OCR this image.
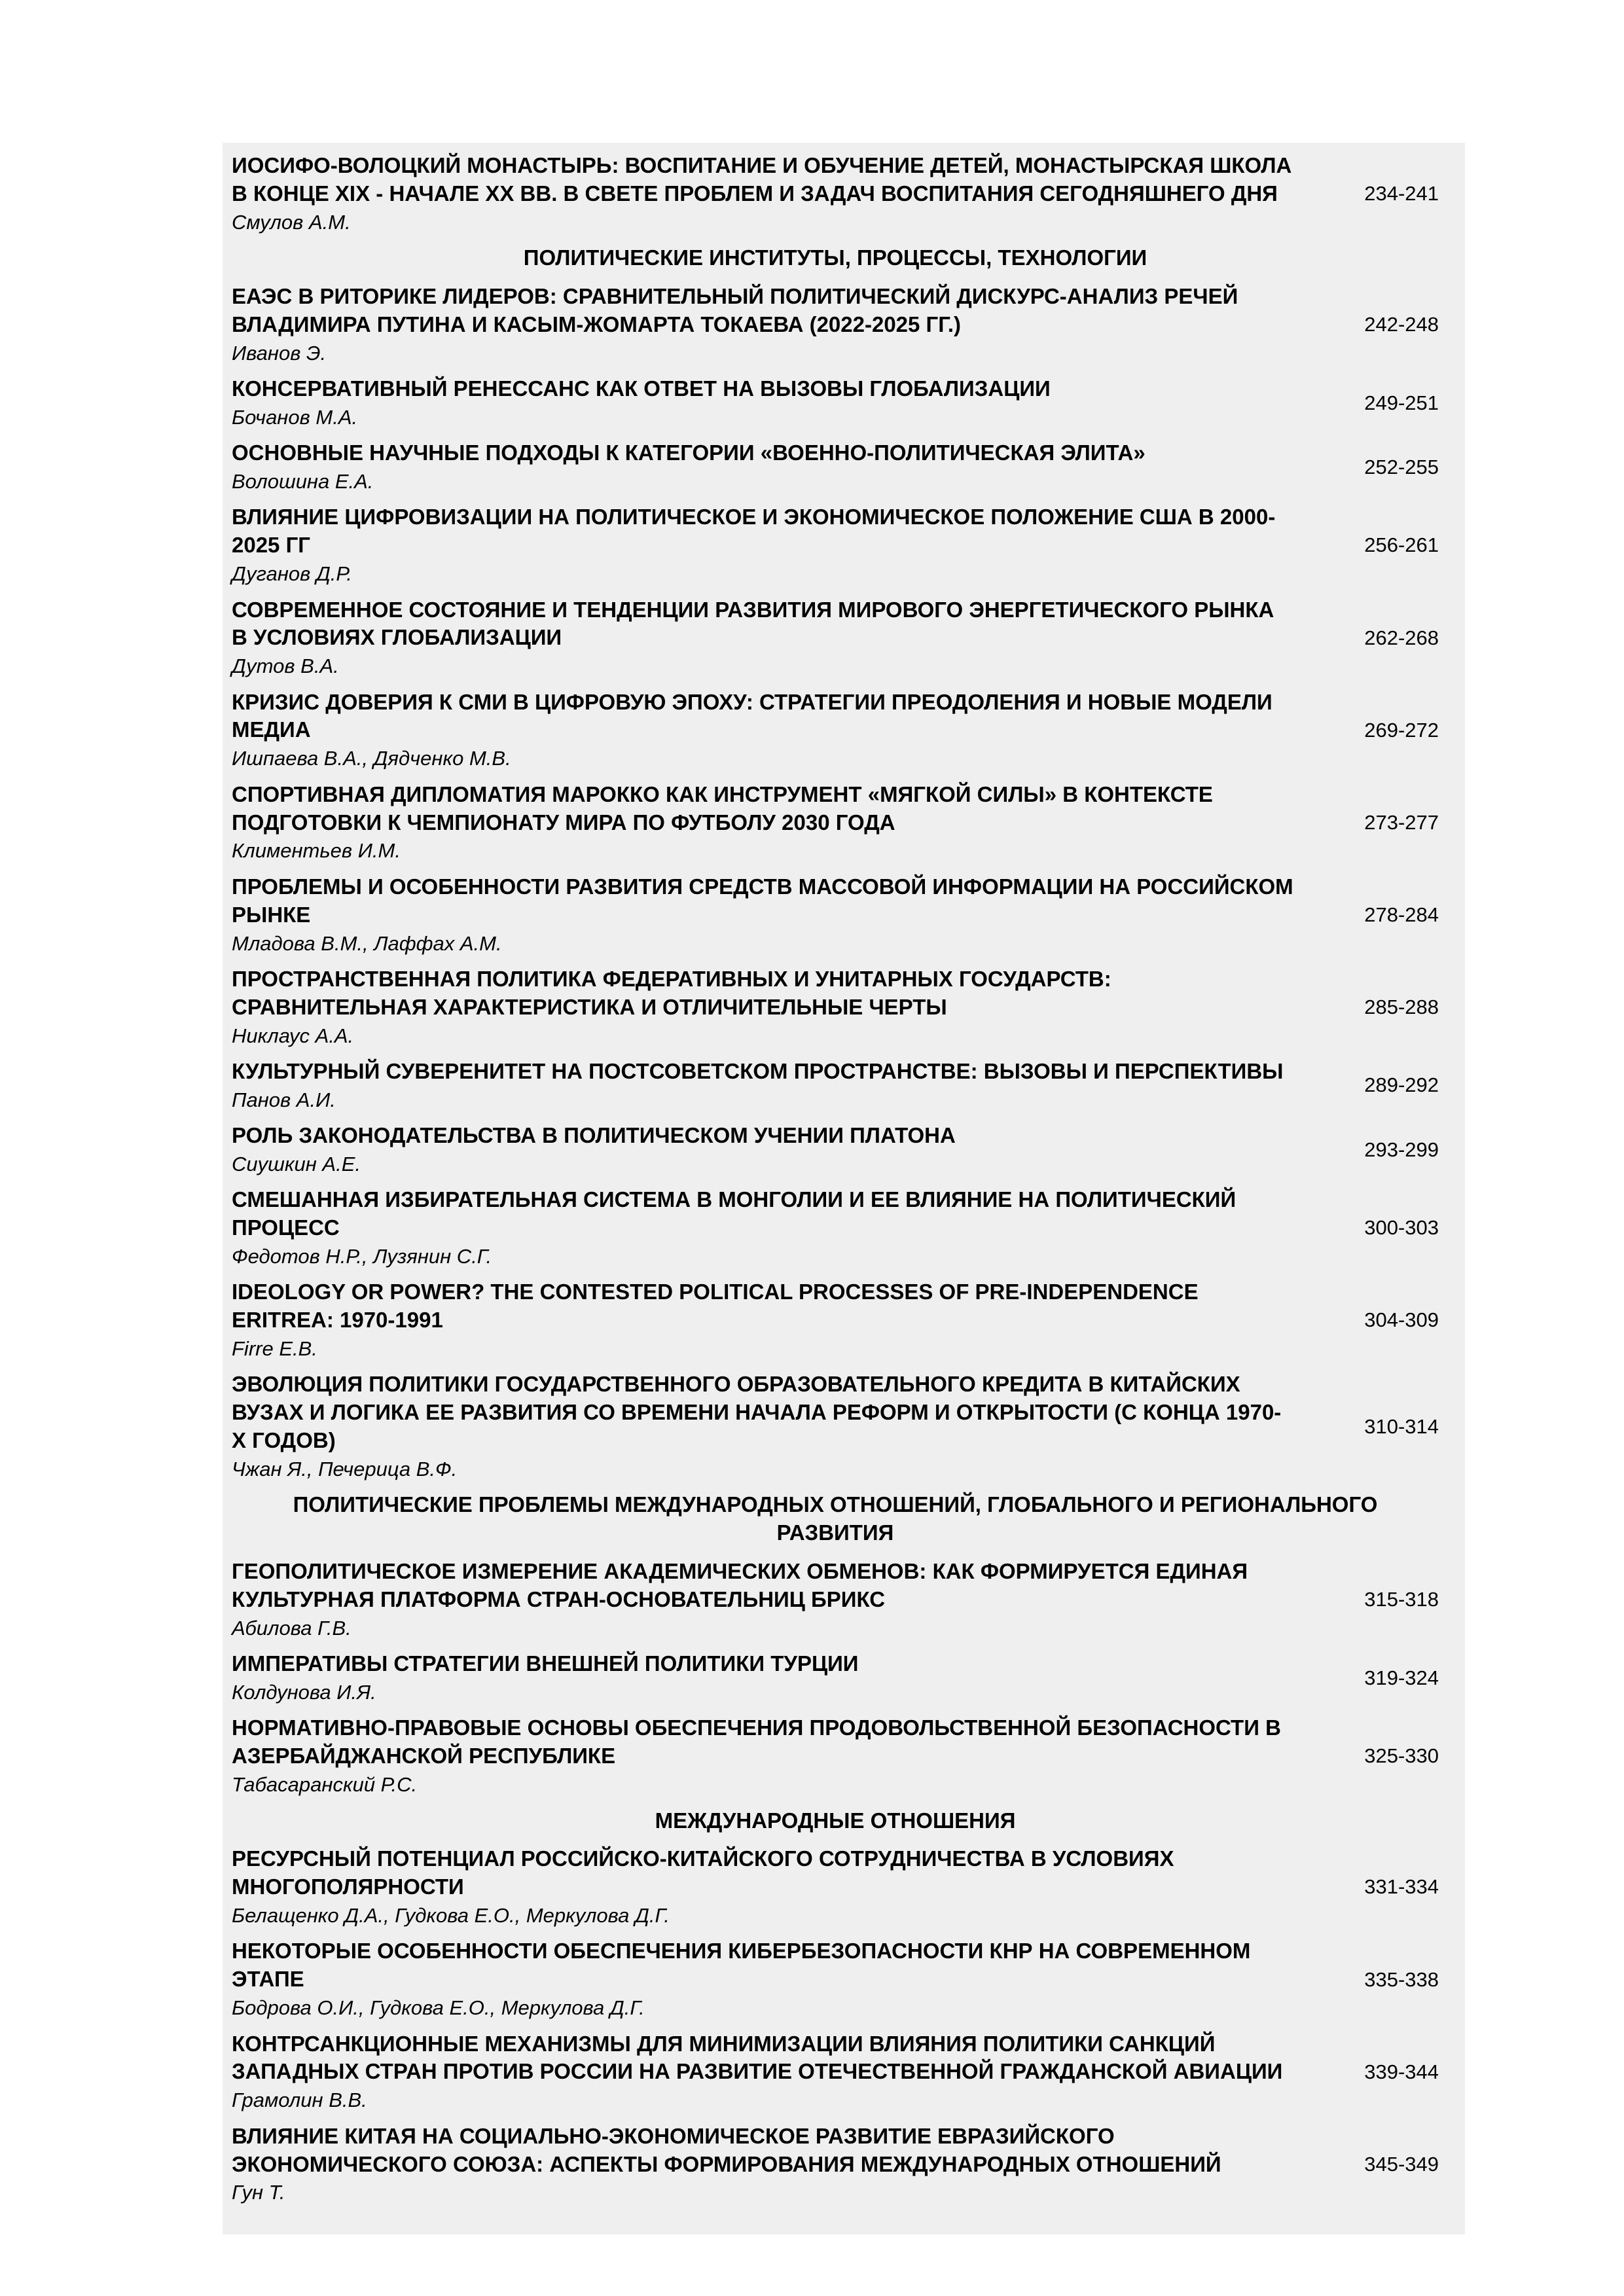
ИОСИФО-ВОЛОЦКИЙ МОНАСТЫРЬ: ВОСПИТАНИЕ И ОБУЧЕНИЕ ДЕТЕЙ, МОНАСТЫРСКАЯ ШКОЛА В КОНЦЕ XIX - НАЧАЛЕ XX ВВ. В СВЕТЕ ПРОБЛЕМ И ЗАДАЧ ВОСПИТАНИЯ СЕГОДНЯШНЕГО ДНЯ
Смулов А.М.
234-241
ПОЛИТИЧЕСКИЕ ИНСТИТУТЫ, ПРОЦЕССЫ, ТЕХНОЛОГИИ
ЕАЭС В РИТОРИКЕ ЛИДЕРОВ: СРАВНИТЕЛЬНЫЙ ПОЛИТИЧЕСКИЙ ДИСКУРС-АНАЛИЗ РЕЧЕЙ ВЛАДИМИРА ПУТИНА И КАСЫМ-ЖОМАРТА ТОКАЕВА (2022-2025 ГГ.)
Иванов Э.
242-248
КОНСЕРВАТИВНЫЙ РЕНЕССАНС КАК ОТВЕТ НА ВЫЗОВЫ ГЛОБАЛИЗАЦИИ
Бочанов М.А.
249-251
ОСНОВНЫЕ НАУЧНЫЕ ПОДХОДЫ К КАТЕГОРИИ «ВОЕННО-ПОЛИТИЧЕСКАЯ ЭЛИТА»
Волошина Е.А.
252-255
ВЛИЯНИЕ ЦИФРОВИЗАЦИИ НА ПОЛИТИЧЕСКОЕ И ЭКОНОМИЧЕСКОЕ ПОЛОЖЕНИЕ США В 2000-2025 ГГ
Дуганов Д.Р.
256-261
СОВРЕМЕННОЕ СОСТОЯНИЕ И ТЕНДЕНЦИИ РАЗВИТИЯ МИРОВОГО ЭНЕРГЕТИЧЕСКОГО РЫНКА В УСЛОВИЯХ ГЛОБАЛИЗАЦИИ
Дутов В.А.
262-268
КРИЗИС ДОВЕРИЯ К СМИ В ЦИФРОВУЮ ЭПОХУ: СТРАТЕГИИ ПРЕОДОЛЕНИЯ И НОВЫЕ МОДЕЛИ МЕДИА
Ишпаева В.А., Дядченко М.В.
269-272
СПОРТИВНАЯ ДИПЛОМАТИЯ МАРОККО КАК ИНСТРУМЕНТ «МЯГКОЙ СИЛЫ» В КОНТЕКСТЕ ПОДГОТОВКИ К ЧЕМПИОНАТУ МИРА ПО ФУТБОЛУ 2030 ГОДА
Климентьев И.М.
273-277
ПРОБЛЕМЫ И ОСОБЕННОСТИ РАЗВИТИЯ СРЕДСТВ МАССОВОЙ ИНФОРМАЦИИ НА РОССИЙСКОМ РЫНКЕ
Младова В.М., Лаффах А.М.
278-284
ПРОСТРАНСТВЕННАЯ ПОЛИТИКА ФЕДЕРАТИВНЫХ И УНИТАРНЫХ ГОСУДАРСТВ: СРАВНИТЕЛЬНАЯ ХАРАКТЕРИСТИКА И ОТЛИЧИТЕЛЬНЫЕ ЧЕРТЫ
Никлаус А.А.
285-288
КУЛЬТУРНЫЙ СУВЕРЕНИТЕТ НА ПОСТСОВЕТСКОМ ПРОСТРАНСТВЕ: ВЫЗОВЫ И ПЕРСПЕКТИВЫ
Панов А.И.
289-292
РОЛЬ ЗАКОНОДАТЕЛЬСТВА В ПОЛИТИЧЕСКОМ УЧЕНИИ ПЛАТОНА
Сиушкин А.Е.
293-299
СМЕШАННАЯ ИЗБИРАТЕЛЬНАЯ СИСТЕМА В МОНГОЛИИ И ЕЕ ВЛИЯНИЕ НА ПОЛИТИЧЕСКИЙ ПРОЦЕСС
Федотов Н.Р., Лузянин С.Г.
300-303
IDEOLOGY OR POWER? THE CONTESTED POLITICAL PROCESSES OF PRE-INDEPENDENCE ERITREA: 1970-1991
Firre E.B.
304-309
ЭВОЛЮЦИЯ ПОЛИТИКИ ГОСУДАРСТВЕННОГО ОБРАЗОВАТЕЛЬНОГО КРЕДИТА В КИТАЙСКИХ ВУЗАХ И ЛОГИКА ЕЕ РАЗВИТИЯ СО ВРЕМЕНИ НАЧАЛА РЕФОРМ И ОТКРЫТОСТИ (С КОНЦА 1970-Х ГОДОВ)
Чжан Я., Печерица В.Ф.
310-314
ПОЛИТИЧЕСКИЕ ПРОБЛЕМЫ МЕЖДУНАРОДНЫХ ОТНОШЕНИЙ, ГЛОБАЛЬНОГО И РЕГИОНАЛЬНОГО РАЗВИТИЯ
ГЕОПОЛИТИЧЕСКОЕ ИЗМЕРЕНИЕ АКАДЕМИЧЕСКИХ ОБМЕНОВ: КАК ФОРМИРУЕТСЯ ЕДИНАЯ КУЛЬТУРНАЯ ПЛАТФОРМА СТРАН-ОСНОВАТЕЛЬНИЦ БРИКС
Абилова Г.В.
315-318
ИМПЕРАТИВЫ СТРАТЕГИИ ВНЕШНЕЙ ПОЛИТИКИ ТУРЦИИ
Колдунова И.Я.
319-324
НОРМАТИВНО-ПРАВОВЫЕ ОСНОВЫ ОБЕСПЕЧЕНИЯ ПРОДОВОЛЬСТВЕННОЙ БЕЗОПАСНОСТИ В АЗЕРБАЙДЖАНСКОЙ РЕСПУБЛИКЕ
Табасаранский Р.С.
325-330
МЕЖДУНАРОДНЫЕ ОТНОШЕНИЯ
РЕСУРСНЫЙ ПОТЕНЦИАЛ РОССИЙСКО-КИТАЙСКОГО СОТРУДНИЧЕСТВА В УСЛОВИЯХ МНОГОПОЛЯРНОСТИ
Белащенко Д.А., Гудкова Е.О., Меркулова Д.Г.
331-334
НЕКОТОРЫЕ ОСОБЕННОСТИ ОБЕСПЕЧЕНИЯ КИБЕРБЕЗОПАСНОСТИ КНР НА СОВРЕМЕННОМ ЭТАПЕ
Бодрова О.И., Гудкова Е.О., Меркулова Д.Г.
335-338
КОНТРСАНКЦИОННЫЕ МЕХАНИЗМЫ ДЛЯ МИНИМИЗАЦИИ ВЛИЯНИЯ ПОЛИТИКИ САНКЦИЙ ЗАПАДНЫХ СТРАН ПРОТИВ РОССИИ НА РАЗВИТИЕ ОТЕЧЕСТВЕННОЙ ГРАЖДАНСКОЙ АВИАЦИИ
Грамолин В.В.
339-344
ВЛИЯНИЕ КИТАЯ НА СОЦИАЛЬНО-ЭКОНОМИЧЕСКОЕ РАЗВИТИЕ ЕВРАЗИЙСКОГО ЭКОНОМИЧЕСКОГО СОЮЗА: АСПЕКТЫ ФОРМИРОВАНИЯ МЕЖДУНАРОДНЫХ ОТНОШЕНИЙ
Гун Т.
345-349
